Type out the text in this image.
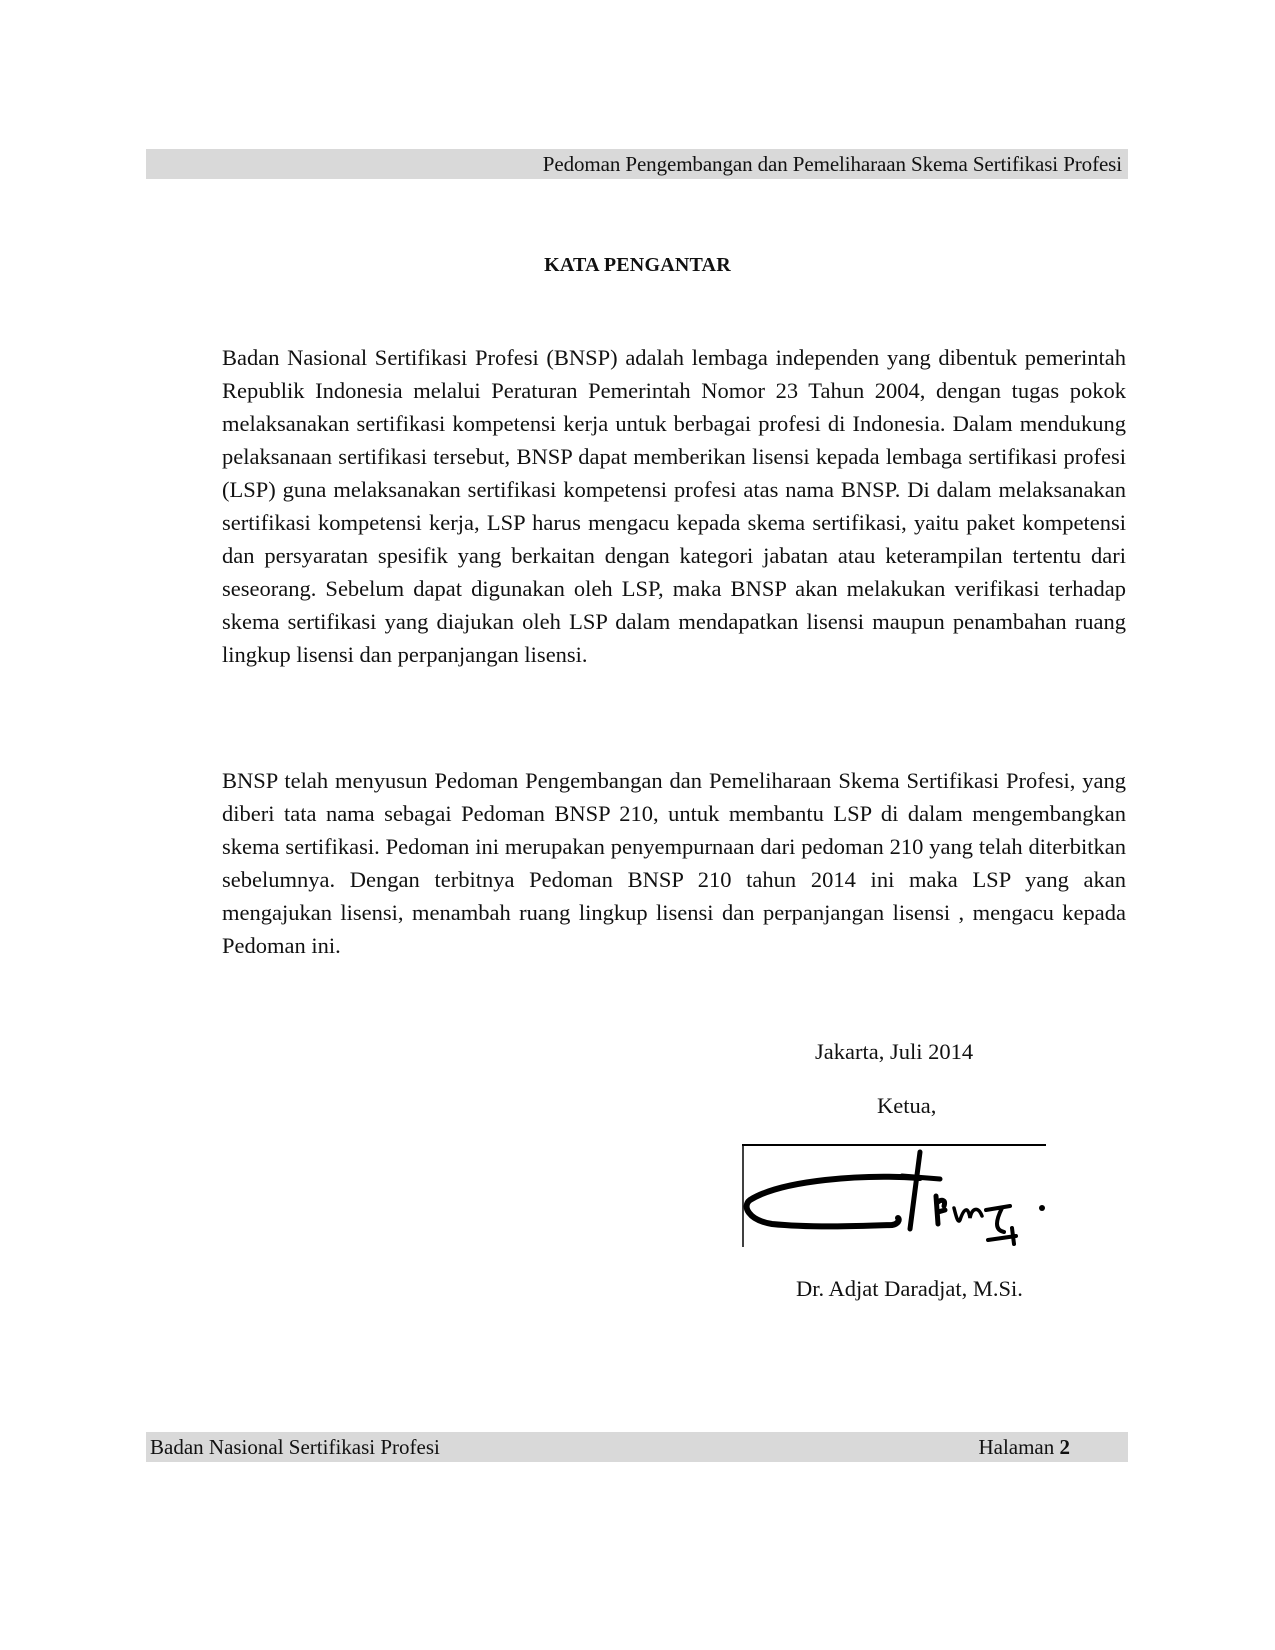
Pedoman Pengembangan dan Pemeliharaan Skema Sertifikasi Profesi
KATA PENGANTAR

Badan Nasional Sertifikasi Profesi (BNSP) adalah lembaga independen yang dibentuk pemerintah Republik Indonesia melalui Peraturan Pemerintah Nomor 23 Tahun 2004, dengan tugas pokok melaksanakan sertifikasi kompetensi kerja untuk berbagai profesi di Indonesia. Dalam mendukung pelaksanaan sertifikasi tersebut, BNSP dapat memberikan lisensi kepada lembaga sertifikasi profesi (LSP) guna melaksanakan sertifikasi kompetensi profesi atas nama BNSP. Di dalam melaksanakan sertifikasi kompetensi kerja, LSP harus mengacu kepada skema sertifikasi, yaitu paket kompetensi dan persyaratan spesifik yang berkaitan dengan kategori jabatan atau keterampilan tertentu dari seseorang. Sebelum dapat digunakan oleh LSP, maka BNSP akan melakukan verifikasi terhadap skema sertifikasi yang diajukan oleh LSP dalam mendapatkan lisensi maupun penambahan ruang lingkup lisensi dan perpanjangan lisensi.

BNSP telah menyusun Pedoman Pengembangan dan Pemeliharaan Skema Sertifikasi Profesi, yang diberi tata nama sebagai Pedoman BNSP 210, untuk membantu LSP di dalam mengembangkan skema sertifikasi. Pedoman ini merupakan penyempurnaan dari pedoman 210 yang telah diterbitkan sebelumnya. Dengan terbitnya Pedoman BNSP 210 tahun 2014 ini maka LSP yang akan mengajukan lisensi, menambah ruang lingkup lisensi dan perpanjangan lisensi , mengacu kepada Pedoman ini.

Jakarta, Juli 2014
Ketua,
Dr. Adjat Daradjat, M.Si.
Badan Nasional Sertifikasi Profesi	Halaman 2
